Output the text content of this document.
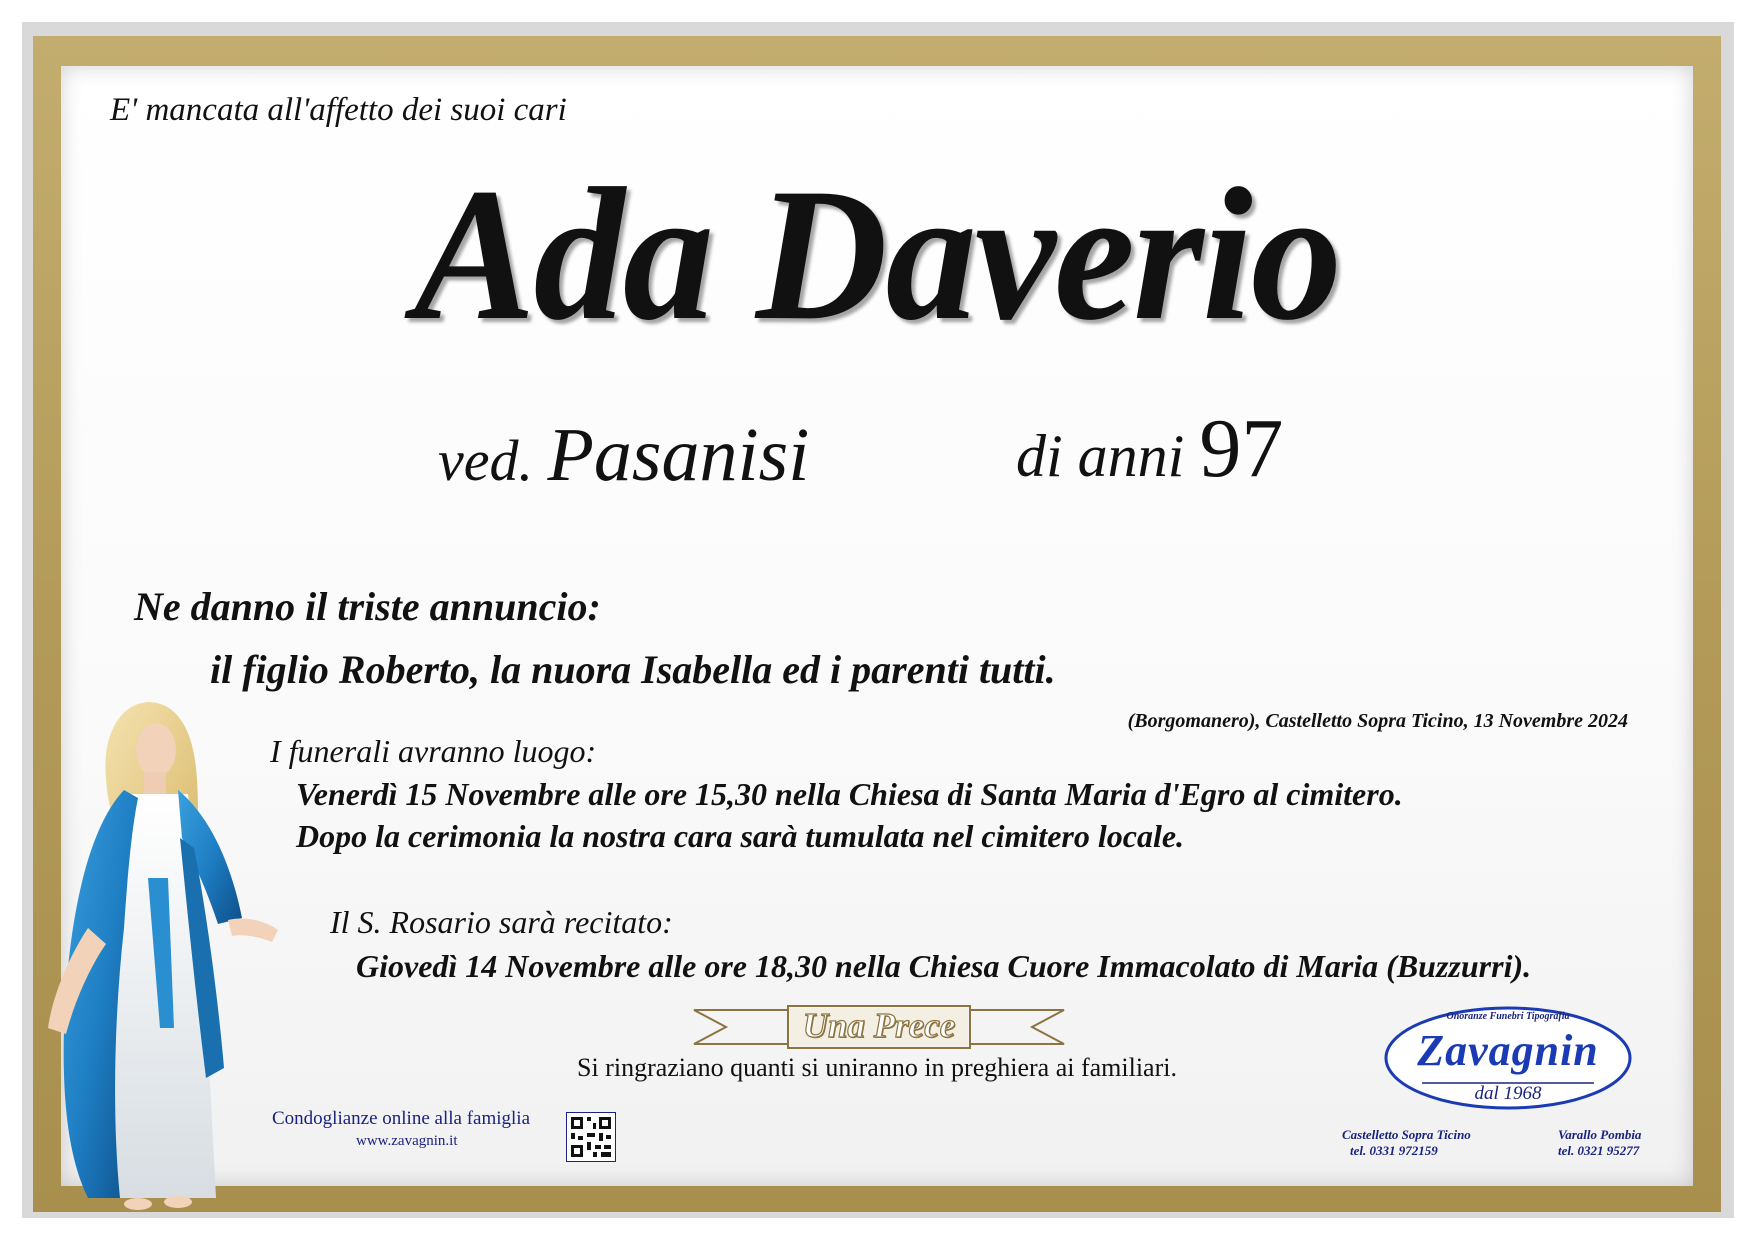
E' mancata all'affetto dei suoi cari
Ada Daverio
ved. Pasanisi	di anni 97
Ne danno il triste annuncio:
il figlio Roberto, la nuora Isabella ed i parenti tutti.
(Borgomanero), Castelletto Sopra Ticino, 13 Novembre 2024
I funerali avranno luogo:
Venerdì 15 Novembre alle ore 15,30 nella Chiesa di Santa Maria d'Egro al cimitero.
Dopo la cerimonia la nostra cara sarà tumulata nel cimitero locale.
Il S. Rosario sarà recitato:
Giovedì 14 Novembre alle ore 18,30 nella Chiesa Cuore Immacolato di Maria (Buzzurri).
Una Prece
Si ringraziano quanti si uniranno in preghiera ai familiari.
Condoglianze online alla famiglia
www.zavagnin.it
Onoranze Funebri Tipografia
Zavagnin
dal 1968
Castelletto Sopra Ticino
tel. 0331 972159
Varallo Pombia
tel. 0321 95277
